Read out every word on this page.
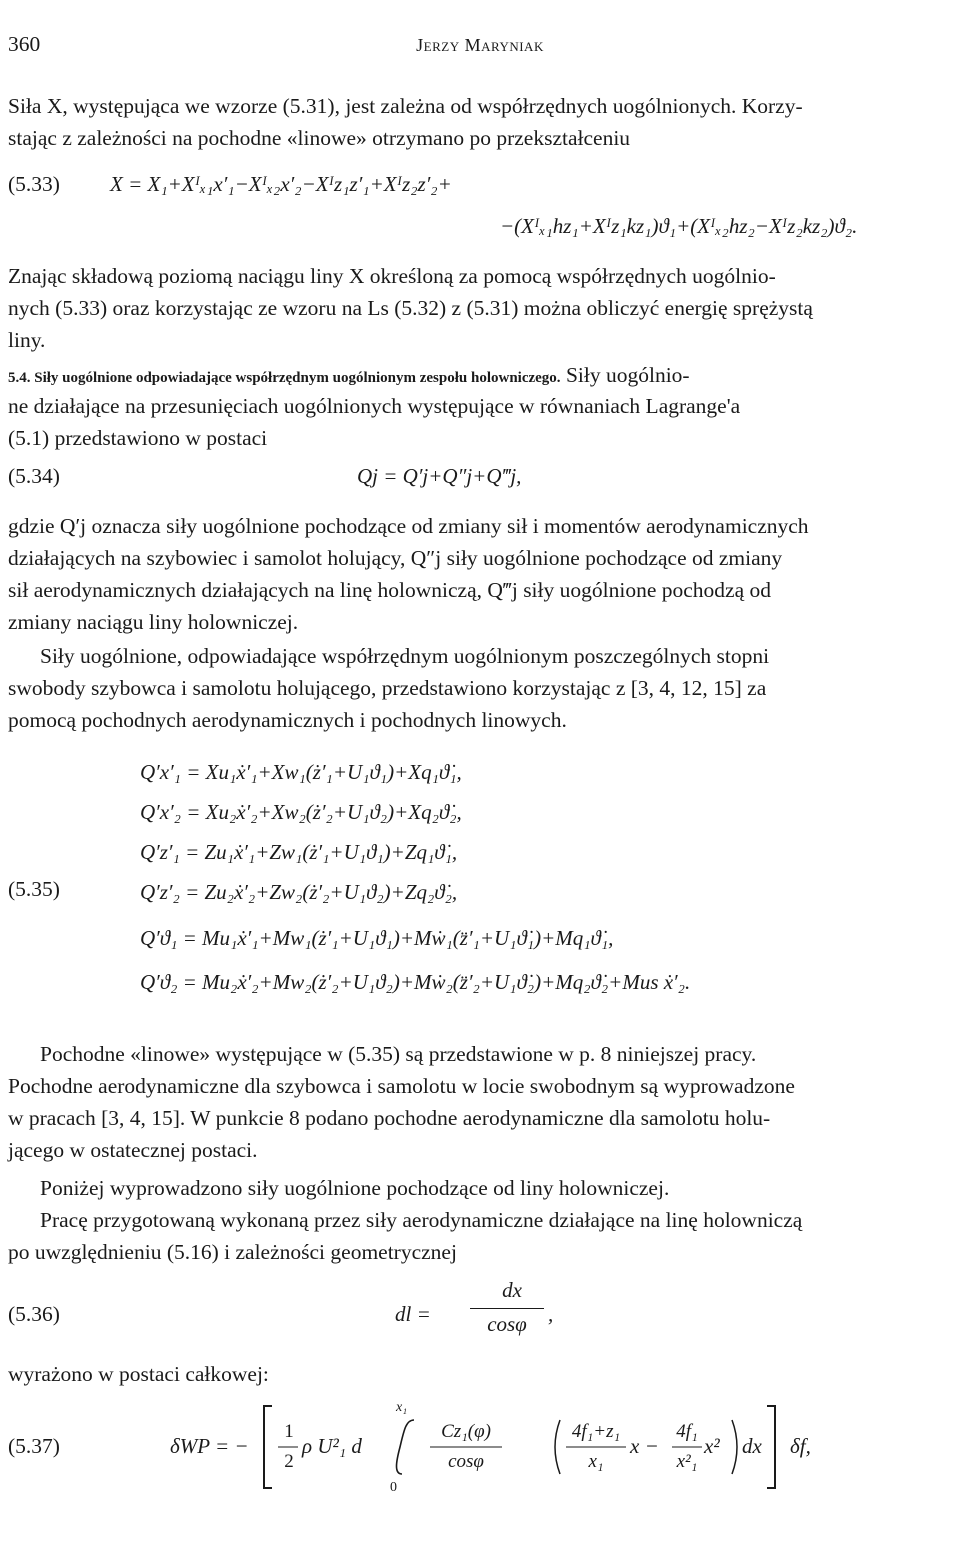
360	Jerzy Maryniak
Siła X, występująca we wzorze (5.31), jest zależna od współrzędnych uogólnionych. Korzy-
stając z zależności na pochodne «linowe» otrzymano po przekształceniu
(5.33) X = X₁+Xᴵₓ₁x′₁−Xᴵₓ₂x′₂−Xᴵz₁z′₁+Xᴵz₂z′₂+
−(Xᴵₓ₁hz₁+Xᴵz₁kz₁)ϑ₁+(Xᴵₓ₂hz₂−Xᴵz₂kz₂)ϑ₂.
Znając składową poziomą naciągu liny X określoną za pomocą współrzędnych uogólnio-
nych (5.33) oraz korzystając ze wzoru na Ls (5.32) z (5.31) można obliczyć energię sprężystą
liny.
5.4. Siły uogólnione odpowiadające współrzędnym uogólnionym zespołu holowniczego. Siły uogólnio-
ne działające na przesunięciach uogólnionych występujące w równaniach Lagrange'a
(5.1) przedstawiono w postaci
(5.34)	Qj = Q′j+Q″j+Q‴j,
gdzie Q′j oznacza siły uogólnione pochodzące od zmiany sił i momentów aerodynamicznych
działających na szybowiec i samolot holujący, Q″j siły uogólnione pochodzące od zmiany
sił aerodynamicznych działających na linę holowniczą, Q‴j siły uogólnione pochodzą od
zmiany naciągu liny holowniczej.
Siły uogólnione, odpowiadające współrzędnym uogólnionym poszczególnych stopni
swobody szybowca i samolotu holującego, przedstawiono korzystając z [3, 4, 12, 15] za
pomocą pochodnych aerodynamicznych i pochodnych linowych.
(5.35)
Q′x′₁ = Xu₁ẋ′₁+Xw₁(ż′₁+U₁ϑ₁)+Xq₁ϑ̇₁,
Q′x′₂ = Xu₂ẋ′₂+Xw₂(ż′₂+U₁ϑ₂)+Xq₂ϑ̇₂,
Q′z′₁ = Zu₁ẋ′₁+Zw₁(ż′₁+U₁ϑ₁)+Zq₁ϑ̇₁,
Q′z′₂ = Zu₂ẋ′₂+Zw₂(ż′₂+U₁ϑ₂)+Zq₂ϑ̇₂,
Q′ϑ₁ = Mu₁ẋ′₁+Mw₁(ż′₁+U₁ϑ₁)+Mẇ₁(z̈′₁+U₁ϑ̇₁)+Mq₁ϑ̇₁,
Q′ϑ₂ = Mu₂ẋ′₂+Mw₂(ż′₂+U₁ϑ₂)+Mẇ₂(z̈′₂+U₁ϑ̇₂)+Mq₂ϑ̇₂+Mus ẋ′₂.
Pochodne «linowe» występujące w (5.35) są przedstawione w p. 8 niniejszej pracy.
Pochodne aerodynamiczne dla szybowca i samolotu w locie swobodnym są wyprowadzone
w pracach [3, 4, 15]. W punkcie 8 podano pochodne aerodynamiczne dla samolotu holu-
jącego w ostatecznej postaci.
Poniżej wyprowadzono siły uogólnione pochodzące od liny holowniczej.
Pracę przygotowaną wykonaną przez siły aerodynamiczne działające na linę holowniczą
po uwzględnieniu (5.16) i zależności geometrycznej
(5.36)	dl =
dx
cosφ	,
wyrażono w postaci całkowej:
(5.37)	δWP = −
1
2
ρ U²₁ d
x₁
0
Cz₁(φ)
cosφ
4f₁+z₁
x₁
x −
4f₁
x²₁
x² dx δf,
